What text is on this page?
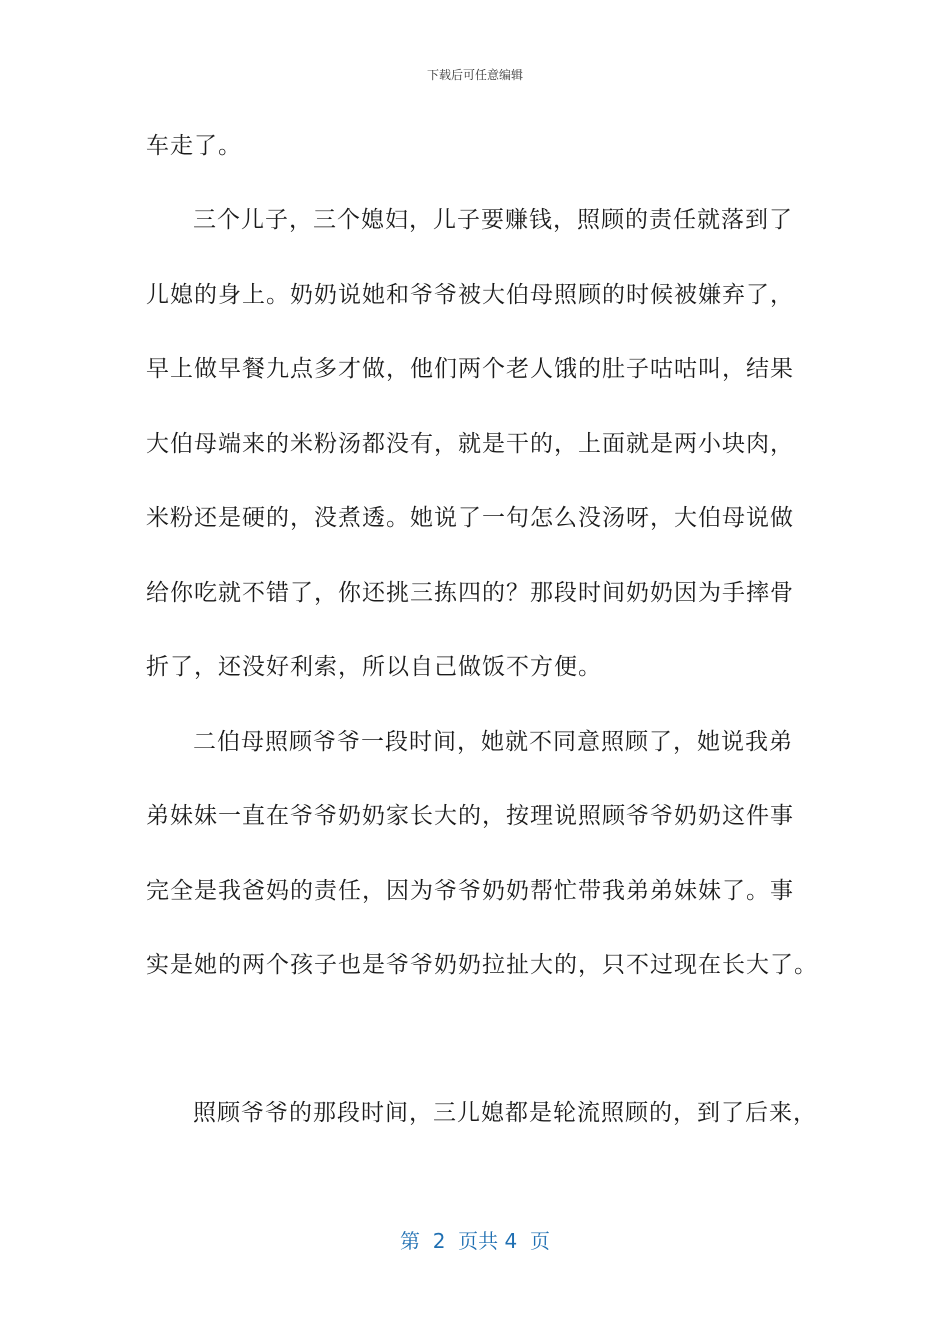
下载后可任意编辑
车走了。
三个儿子，三个媳妇，儿子要赚钱，照顾的责任就落到了
儿媳的身上。奶奶说她和爷爷被大伯母照顾的时候被嫌弃了，
早上做早餐九点多才做，他们两个老人饿的肚子咕咕叫，结果
大伯母端来的米粉汤都没有，就是干的，上面就是两小块肉，
米粉还是硬的，没煮透。她说了一句怎么没汤呀，大伯母说做
给你吃就不错了，你还挑三拣四的？那段时间奶奶因为手摔骨
折了，还没好利索，所以自己做饭不方便。
二伯母照顾爷爷一段时间，她就不同意照顾了，她说我弟
弟妹妹一直在爷爷奶奶家长大的，按理说照顾爷爷奶奶这件事
完全是我爸妈的责任，因为爷爷奶奶帮忙带我弟弟妹妹了。事
实是她的两个孩子也是爷爷奶奶拉扯大的，只不过现在长大了。
照顾爷爷的那段时间，三儿媳都是轮流照顾的，到了后来，
第  2  页共 4  页
